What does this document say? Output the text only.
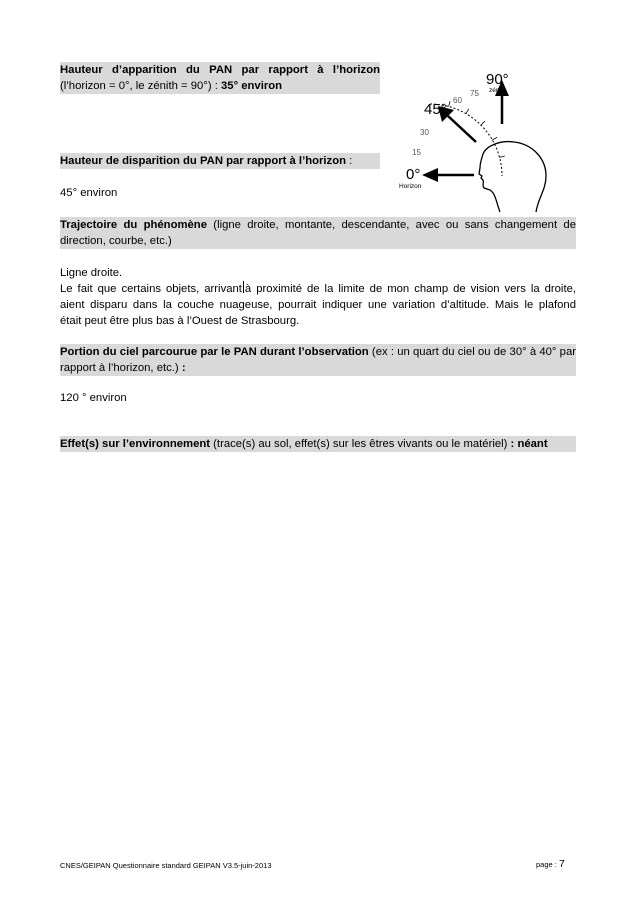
Hauteur d’apparition du PAN par rapport à l’horizon
(l’horizon = 0°, le zénith = 90°) : 35° environ	90°
zénith
75
60
45°
30
15
0°
Horizon
Hauteur de disparition du PAN par rapport à l’horizon :
45° environ
Trajectoire du phénomène (ligne droite, montante, descendante, avec ou sans changement de
direction, courbe, etc.)
Ligne droite.
Le fait que certains objets, arrivant à proximité de la limite de mon champ de vision vers la droite,
aient disparu dans la couche nuageuse, pourrait indiquer une variation d’altitude. Mais le plafond
était peut être plus bas à l’Ouest de Strasbourg.
Portion du ciel parcourue par le PAN durant l’observation (ex : un quart du ciel ou de 30° à 40° par
rapport à l’horizon, etc.) :
120 ° environ
Effet(s) sur l’environnement (trace(s) au sol, effet(s) sur les êtres vivants ou le matériel) : néant
CNES/GEIPAN Questionnaire standard GEIPAN V3.5-juin-2013	page : 7
